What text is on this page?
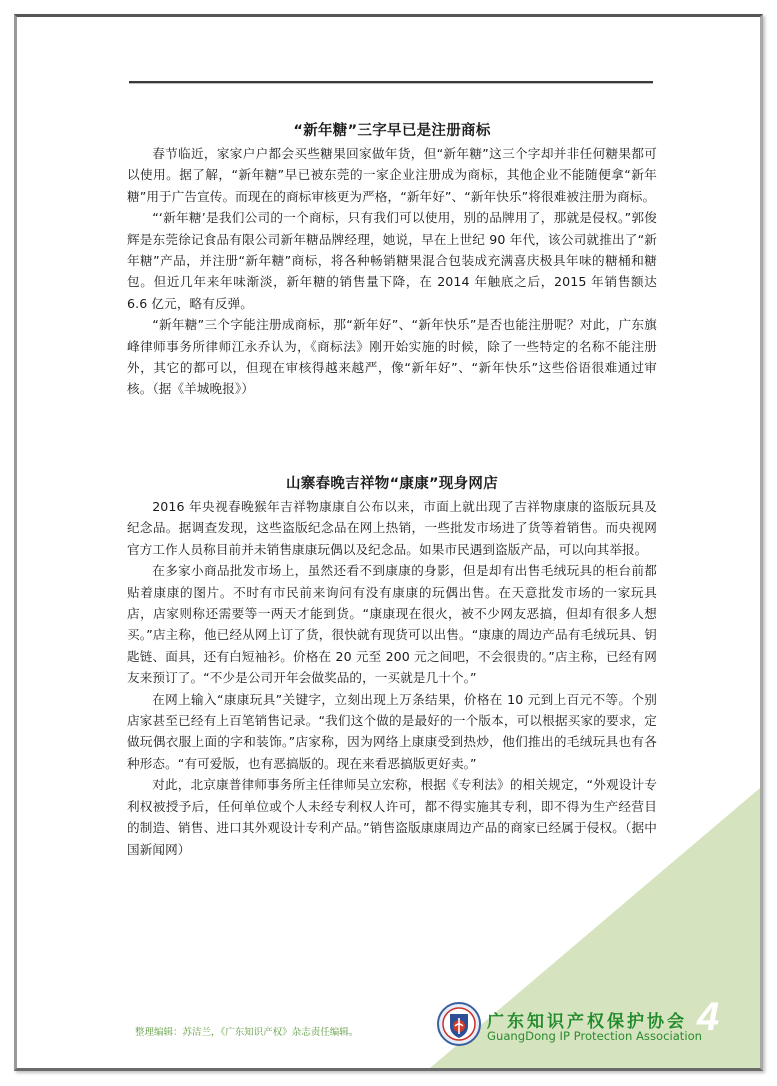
“新年糖”三字早已是注册商标

春节临近，家家户户都会买些糖果回家做年货，但“新年糖”这三个字却并非任何糖果都可以使用。据了解，“新年糖”早已被东莞的一家企业注册成为商标，其他企业不能随便拿“新年糖”用于广告宣传。而现在的商标审核更为严格，“新年好”、“新年快乐”将很难被注册为商标。

“‘新年糖’是我们公司的一个商标，只有我们可以使用，别的品牌用了，那就是侵权。”郭俊辉是东莞徐记食品有限公司新年糖品牌经理，她说，早在上世纪 90 年代，该公司就推出了“新年糖”产品，并注册“新年糖”商标，将各种畅销糖果混合包装成充满喜庆极具年味的糖桶和糖包。但近几年来年味渐淡，新年糖的销售量下降，在 2014 年触底之后，2015 年销售额达 6.6 亿元，略有反弹。

“新年糖”三个字能注册成商标，那“新年好”、“新年快乐”是否也能注册呢？对此，广东旗峰律师事务所律师江永乔认为，《商标法》刚开始实施的时候，除了一些特定的名称不能注册外，其它的都可以，但现在审核得越来越严，像“新年好”、“新年快乐”这些俗语很难通过审核。（据《羊城晚报》）

山寨春晚吉祥物“康康”现身网店

2016 年央视春晚猴年吉祥物康康自公布以来，市面上就出现了吉祥物康康的盗版玩具及纪念品。据调查发现，这些盗版纪念品在网上热销，一些批发市场进了货等着销售。而央视网官方工作人员称目前并未销售康康玩偶以及纪念品。如果市民遇到盗版产品，可以向其举报。

在多家小商品批发市场上，虽然还看不到康康的身影，但是却有出售毛绒玩具的柜台前都贴着康康的图片。不时有市民前来询问有没有康康的玩偶出售。在天意批发市场的一家玩具店，店家则称还需要等一两天才能到货。“康康现在很火，被不少网友恶搞，但却有很多人想买。”店主称，他已经从网上订了货，很快就有现货可以出售。“康康的周边产品有毛绒玩具、钥匙链、面具，还有白短袖衫。价格在 20 元至 200 元之间吧，不会很贵的。”店主称，已经有网友来预订了。“不少是公司开年会做奖品的，一买就是几十个。”

在网上输入“康康玩具”关键字，立刻出现上万条结果，价格在 10 元到上百元不等。个别店家甚至已经有上百笔销售记录。“我们这个做的是最好的一个版本，可以根据买家的要求，定做玩偶衣服上面的字和装饰。”店家称，因为网络上康康受到热炒，他们推出的毛绒玩具也有各种形态。“有可爱版，也有恶搞版的。现在来看恶搞版更好卖。”

对此，北京康普律师事务所主任律师吴立宏称，根据《专利法》的相关规定，“外观设计专利权被授予后，任何单位或个人未经专利权人许可，都不得实施其专利，即不得为生产经营目的制造、销售、进口其外观设计专利产品。”销售盗版康康周边产品的商家已经属于侵权。（据中国新闻网）

整理编辑：苏洁兰，《广东知识产权》杂志责任编辑。
广东知识产权保护协会
GuangDong IP Protection Association
4
